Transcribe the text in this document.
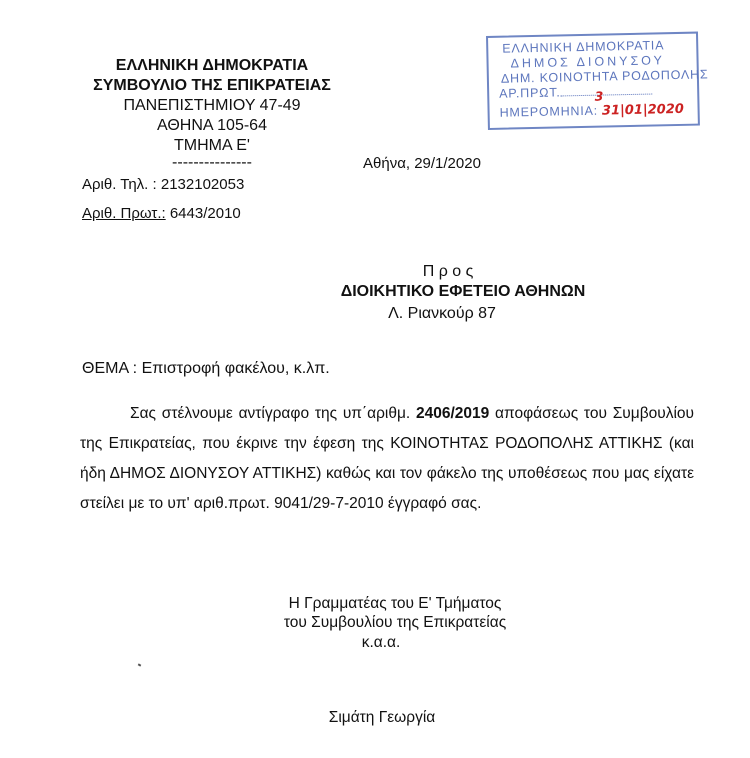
ΕΛΛΗΝΙΚΗ ΔΗΜΟΚΡΑΤΙΑ
ΣΥΜΒΟΥΛΙΟ ΤΗΣ ΕΠΙΚΡΑΤΕΙΑΣ
ΠΑΝΕΠΙΣΤΗΜΙΟΥ 47-49
ΑΘΗΝΑ 105-64
ΤΜΗΜΑ Ε'
---------------
Αριθ. Τηλ. : 2132102053
Αριθ. Πρωτ.: 6443/2010
Αθήνα, 29/1/2020
ΕΛΛΗΝΙΚΗ ΔΗΜΟΚΡΑΤΙΑ
ΔΗΜΟΣ ΔΙΟΝΥΣΟΥ
ΔΗΜ. ΚΟΙΝΟΤΗΤΑ ΡΟΔΟΠΟΛΗΣ
ΑΡ.ΠΡΩΤ.	3
ΗΜΕΡΟΜΗΝΙΑ: 31|01|2020
Π ρ ο ς
ΔΙΟΙΚΗΤΙΚΟ ΕΦΕΤΕΙΟ ΑΘΗΝΩΝ
Λ. Ριανκούρ 87
ΘΕΜΑ : Επιστροφή φακέλου, κ.λπ.
Σας στέλνουμε αντίγραφο της υπ΄αριθμ. 2406/2019 αποφάσεως του Συμβουλίου της Επικρατείας, που έκρινε την έφεση της ΚΟΙΝΟΤΗΤΑΣ ΡΟΔΟΠΟΛΗΣ ΑΤΤΙΚΗΣ (και ήδη ΔΗΜΟΣ ΔΙΟΝΥΣΟΥ ΑΤΤΙΚΗΣ) καθώς και τον φάκελο της υποθέσεως που μας είχατε στείλει με το υπ' αριθ.πρωτ. 9041/29-7-2010 έγγραφό σας.
Η Γραμματέας του Ε' Τμήματος
του Συμβουλίου της Επικρατείας
κ.α.α.
Σιμάτη Γεωργία
